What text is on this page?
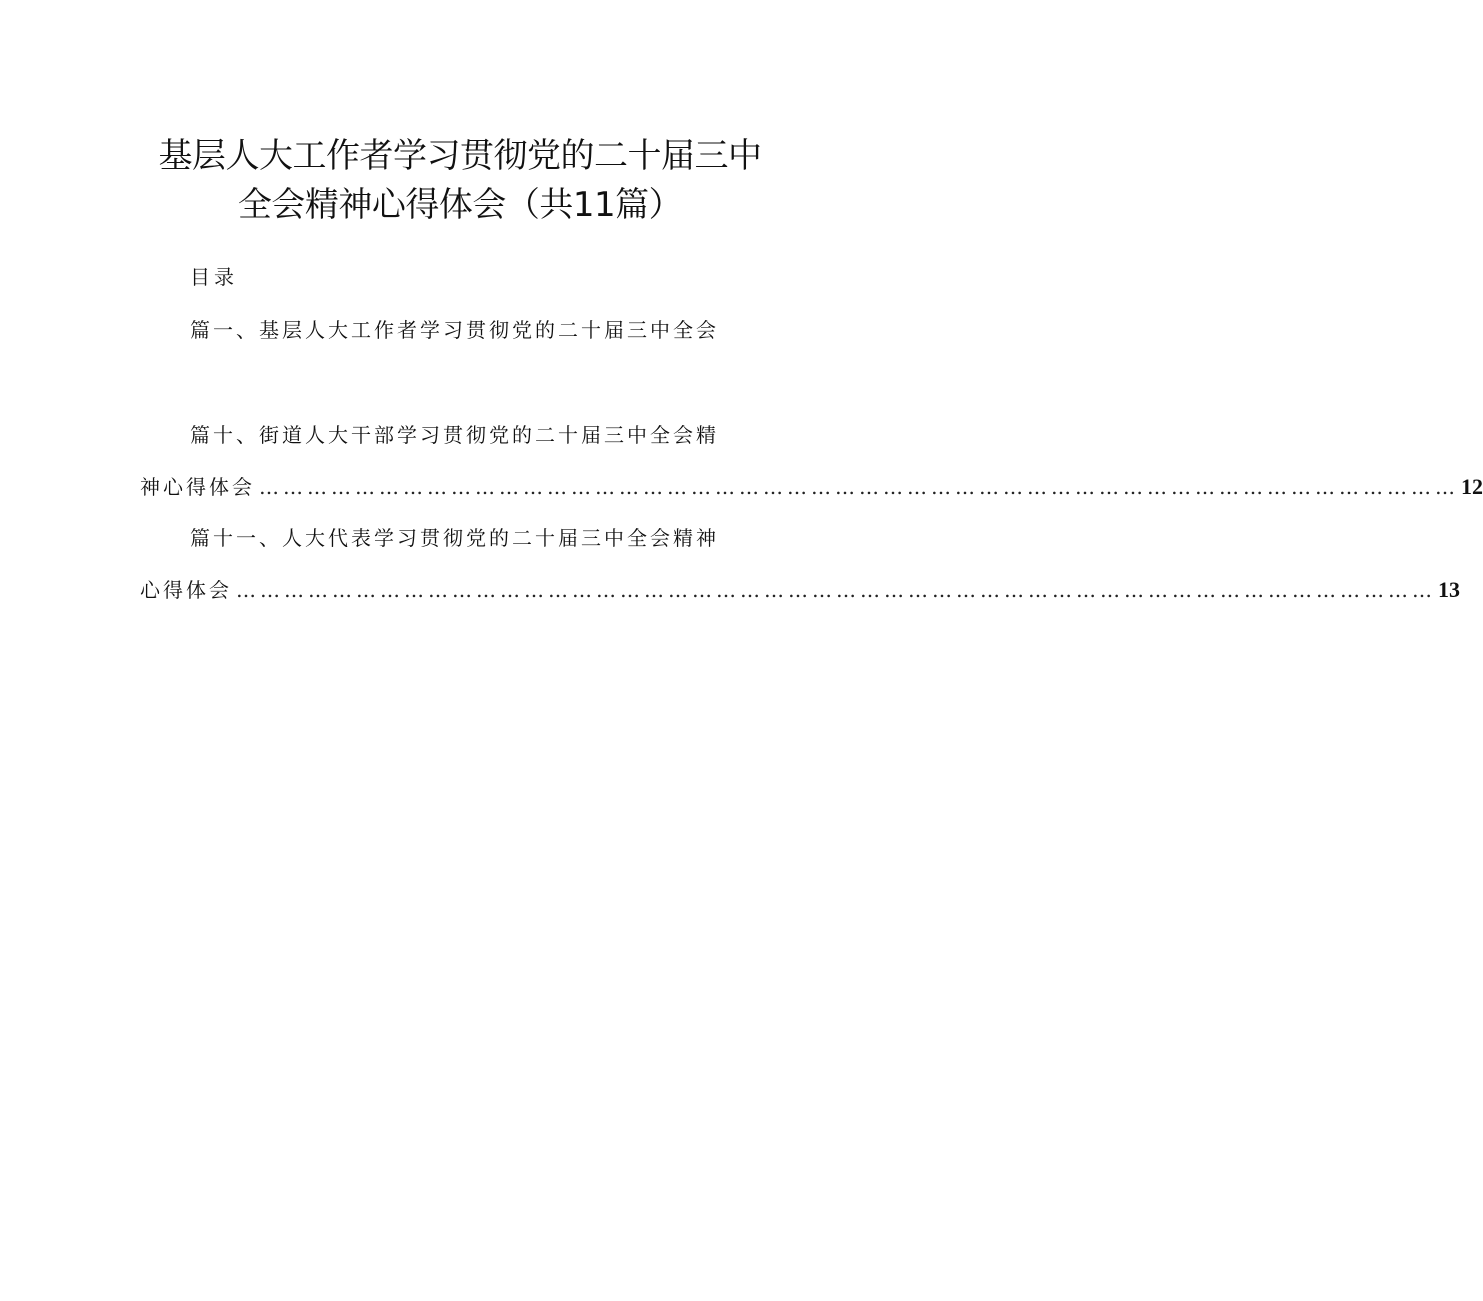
基层人大工作者学习贯彻党的二十届三中
全会精神心得体会（共11篇）
目录
篇一、基层人大工作者学习贯彻党的二十届三中全会
篇十、街道人大干部学习贯彻党的二十届三中全会精
神心得体会 …………………………………………………………………………………………………………………………………… 12
篇十一、人大代表学习贯彻党的二十届三中全会精神
心得体会 …………………………………………………………………………………………………………………………………… 13
